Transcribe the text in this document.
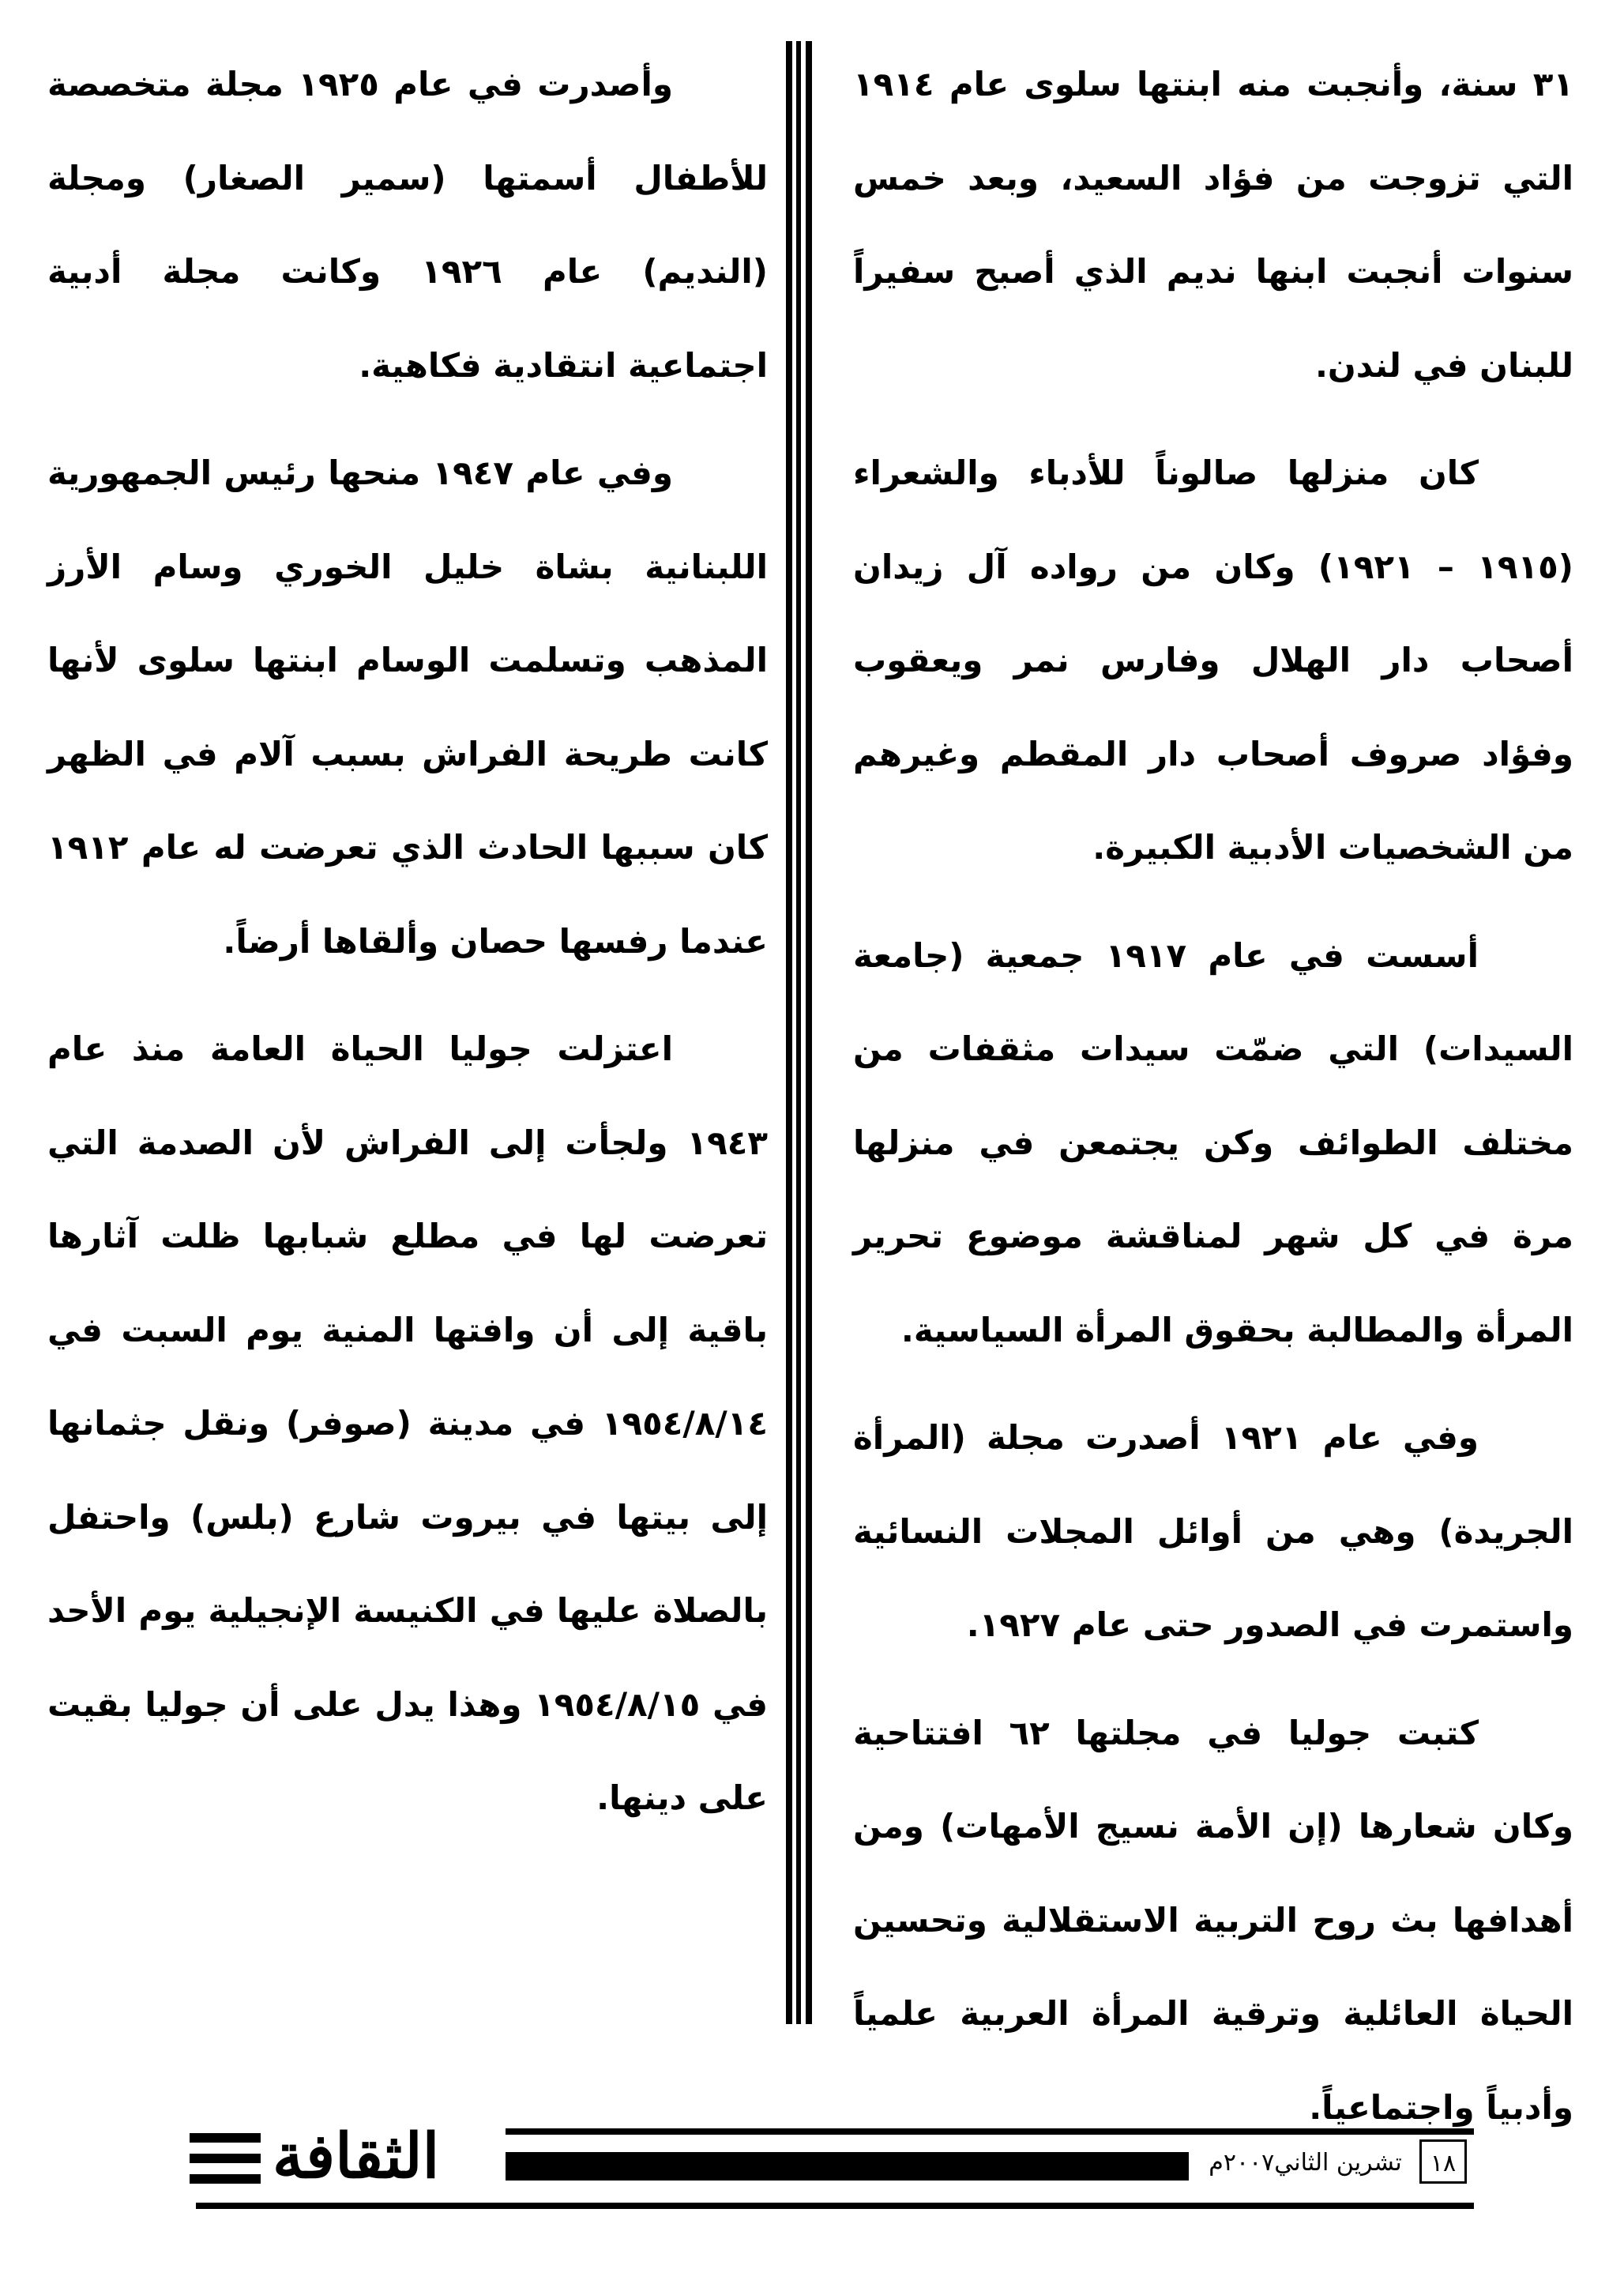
٣١ سنة، وأنجبت منه ابنتها سلوى عام ١٩١٤ التي تزوجت من فؤاد السعيد، وبعد خمس سنوات أنجبت ابنها نديم الذي أصبح سفيراً للبنان في لندن.

كان منزلها صالوناً للأدباء والشعراء (١٩١٥ – ١٩٢١) وكان من رواده آل زيدان أصحاب دار الهلال وفارس نمر ويعقوب وفؤاد صروف أصحاب دار المقطم وغيرهم من الشخصيات الأدبية الكبيرة.

أسست في عام ١٩١٧ جمعية (جامعة السيدات) التي ضمّت سيدات مثقفات من مختلف الطوائف وكن يجتمعن في منزلها مرة في كل شهر لمناقشة موضوع تحرير المرأة والمطالبة بحقوق المرأة السياسية.

وفي عام ١٩٢١ أصدرت مجلة (المرأة الجريدة) وهي من أوائل المجلات النسائية واستمرت في الصدور حتى عام ١٩٢٧.

كتبت جوليا في مجلتها ٦٢ افتتاحية وكان شعارها (إن الأمة نسيج الأمهات) ومن أهدافها بث روح التربية الاستقلالية وتحسين الحياة العائلية وترقية المرأة العربية علمياً وأدبياً واجتماعياً.

وأصدرت في عام ١٩٢٥ مجلة متخصصة للأطفال أسمتها (سمير الصغار) ومجلة (النديم) عام ١٩٢٦ وكانت مجلة أدبية اجتماعية انتقادية فكاهية.

وفي عام ١٩٤٧ منحها رئيس الجمهورية اللبنانية بشاة خليل الخوري وسام الأرز المذهب وتسلمت الوسام ابنتها سلوى لأنها كانت طريحة الفراش بسبب آلام في الظهر كان سببها الحادث الذي تعرضت له عام ١٩١٢ عندما رفسها حصان وألقاها أرضاً.

اعتزلت جوليا الحياة العامة منذ عام ١٩٤٣ ولجأت إلى الفراش لأن الصدمة التي تعرضت لها في مطلع شبابها ظلت آثارها باقية إلى أن وافتها المنية يوم السبت في ١٩٥٤/٨/١٤ في مدينة (صوفر) ونقل جثمانها إلى بيتها في بيروت شارع (بلس) واحتفل بالصلاة عليها في الكنيسة الإنجيلية يوم الأحد في ١٩٥٤/٨/١٥ وهذا يدل على أن جوليا بقيت على دينها.

الثقافة	تشرين الثاني٢٠٠٧م	١٨
